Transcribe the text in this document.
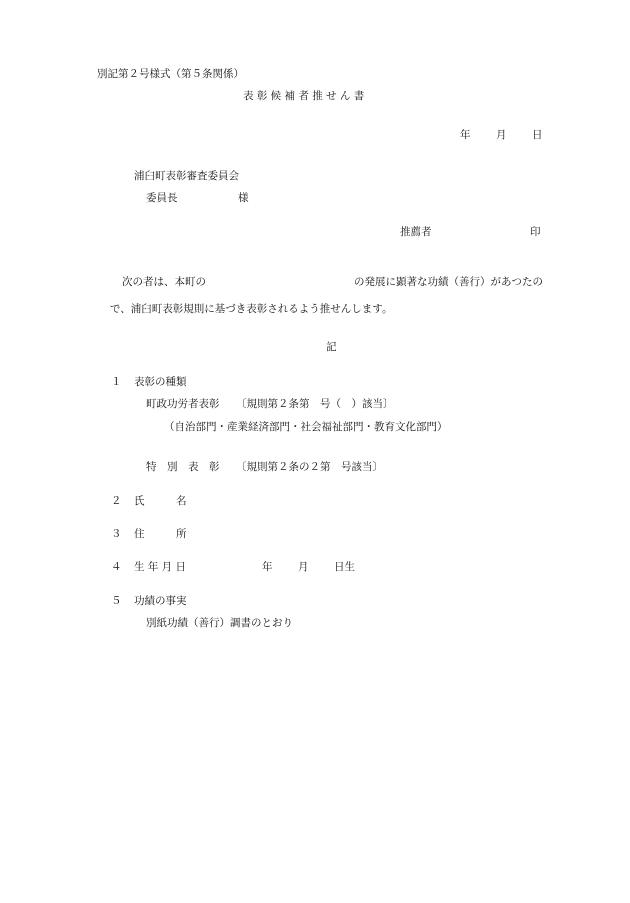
別記第２号様式（第５条関係）
表 彰 候 補 者 推 せ ん 書
年 月 日
浦臼町表彰審査委員会
委員長	様
推薦者	印
次の者は、本町の	の発展に顕著な功績（善行）があつたの
で、浦臼町表彰規則に基づき表彰されるよう推せんします。
記
１ 表彰の種類
町政功労者表彰 〔規則第２条第　号（　）該当〕
（自治部門・産業経済部門・社会福祉部門・教育文化部門）
特　別　表　彰 〔規則第２条の２第　号該当〕
２ 氏　　　名
３ 住　　　所
４ 生 年 月 日	年 月 日生
５ 功績の事実
別紙功績（善行）調書のとおり
